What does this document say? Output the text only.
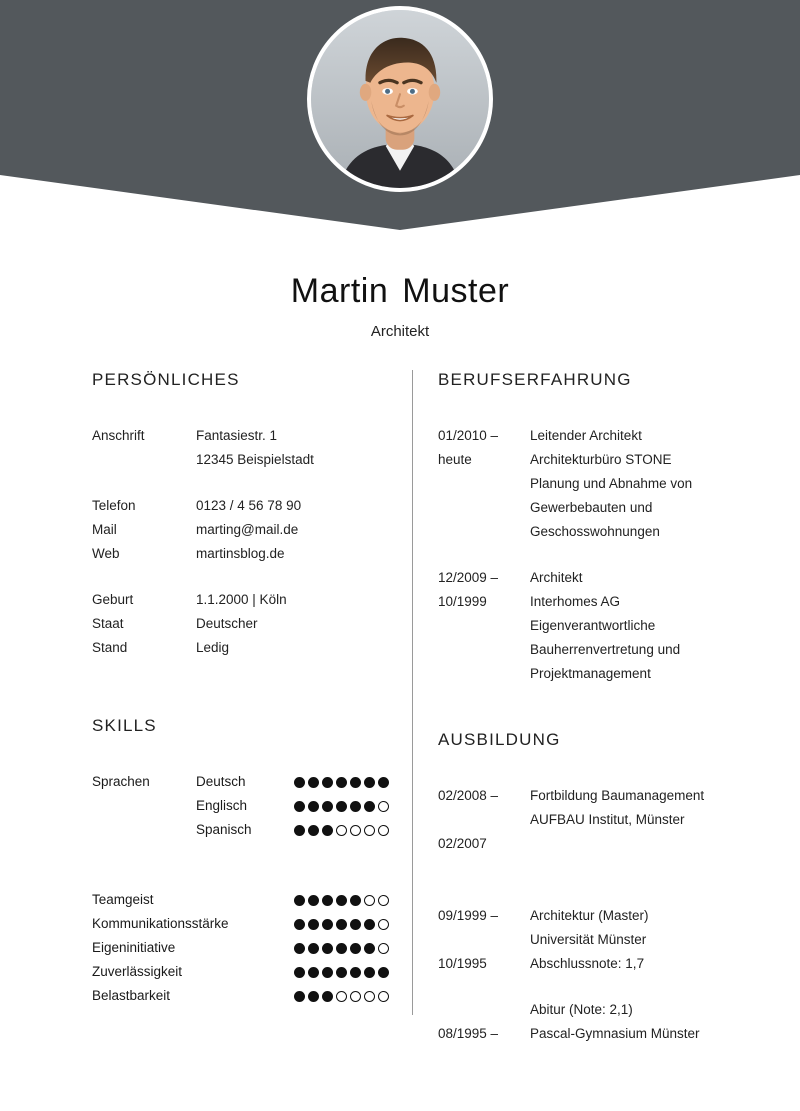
Martin Muster
Architekt
PERSÖNLICHES
Anschrift	Fantasiestr. 1
12345 Beispielstadt
Telefon	0123 / 4 56 78 90
Mail	marting@mail.de
Web	martinsblog.de
Geburt	1.1.2000 | Köln
Staat	Deutscher
Stand	Ledig
SKILLS
Sprachen	Deutsch
Englisch
Spanisch
Teamgeist
Kommunikationsstärke
Eigeninitiative
Zuverlässigkeit
Belastbarkeit
BERUFSERFAHRUNG
01/2010 –	Leitender Architekt
heute	Architekturbüro STONE
Planung und Abnahme von
Gewerbebauten und
Geschosswohnungen
12/2009 –	Architekt
10/1999	Interhomes AG
Eigenverantwortliche
Bauherrenvertretung und
Projektmanagement
AUSBILDUNG
02/2008 –	Fortbildung Baumanagement
AUFBAU Institut, Münster
02/2007
09/1999 –	Architektur (Master)
Universität Münster
10/1995	Abschlussnote: 1,7
Abitur (Note: 2,1)
08/1995 –	Pascal-Gymnasium Münster
